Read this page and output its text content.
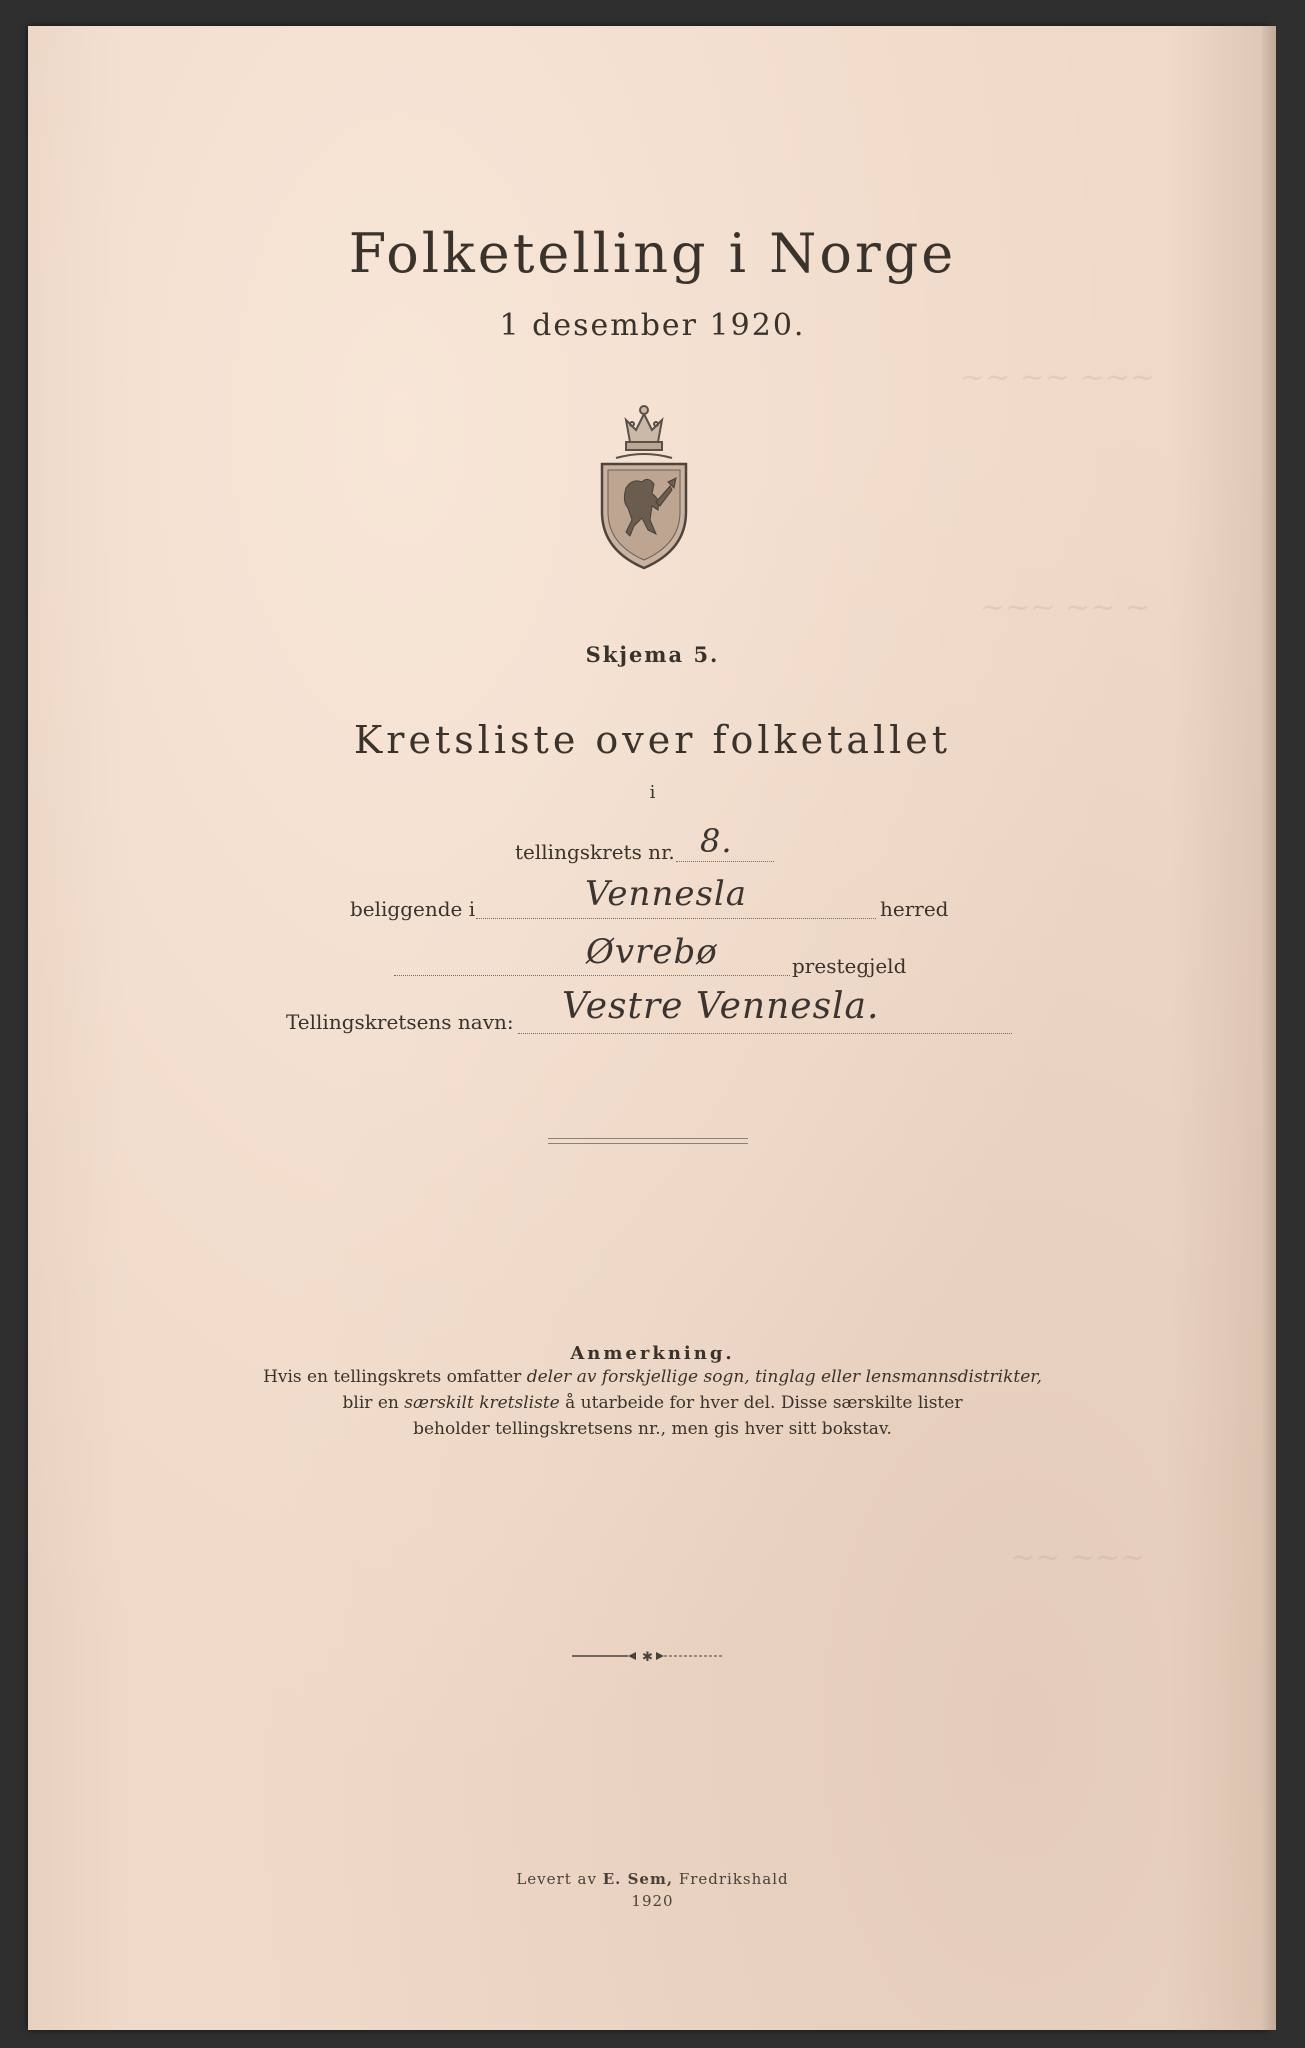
~~ ~~ ~~~
~~~ ~~ ~
~~ ~~~
Folketelling i Norge
1 desember 1920.
Skjema 5.
Kretsliste over folketallet
i
tellingskrets nr. 8.
beliggende i	Vennesla	herred
Øvrebø	prestegjeld
Tellingskretsens navn: Vestre Vennesla.
Anmerkning.
Hvis en tellingskrets omfatter deler av forskjellige sogn, tinglag eller lensmannsdistrikter,
blir en særskilt kretsliste å utarbeide for hver del. Disse særskilte lister
beholder tellingskretsens nr., men gis hver sitt bokstav.
✱
Levert av E. Sem, Fredrikshald
1920
